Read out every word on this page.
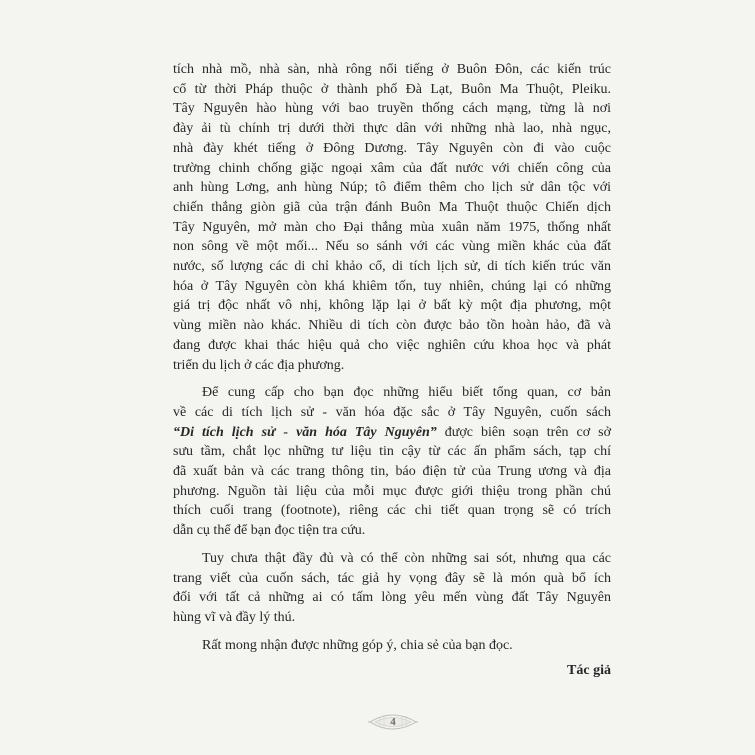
tích nhà mồ, nhà sàn, nhà rông nổi tiếng ở Buôn Đôn, các kiến trúc
cổ từ thời Pháp thuộc ở thành phố Đà Lạt, Buôn Ma Thuột, Pleiku.
Tây Nguyên hào hùng với bao truyền thống cách mạng, từng là nơi
đày ải tù chính trị dưới thời thực dân với những nhà lao, nhà ngục,
nhà đày khét tiếng ở Đông Dương. Tây Nguyên còn đi vào cuộc
trường chinh chống giặc ngoại xâm của đất nước với chiến công của
anh hùng Lơng, anh hùng Núp; tô điểm thêm cho lịch sử dân tộc với
chiến thắng giòn giã của trận đánh Buôn Ma Thuột thuộc Chiến dịch
Tây Nguyên, mở màn cho Đại thắng mùa xuân năm 1975, thống nhất
non sông về một mối... Nếu so sánh với các vùng miền khác của đất
nước, số lượng các di chỉ khảo cổ, di tích lịch sử, di tích kiến trúc văn
hóa ở Tây Nguyên còn khá khiêm tốn, tuy nhiên, chúng lại có những
giá trị độc nhất vô nhị, không lặp lại ở bất kỳ một địa phương, một
vùng miền nào khác. Nhiều di tích còn được bảo tồn hoàn hảo, đã và
đang được khai thác hiệu quả cho việc nghiên cứu khoa học và phát
triển du lịch ở các địa phương.
Để cung cấp cho bạn đọc những hiểu biết tổng quan, cơ bản
về các di tích lịch sử - văn hóa đặc sắc ở Tây Nguyên, cuốn sách
“Di tích lịch sử - văn hóa Tây Nguyên” được biên soạn trên cơ sở
sưu tầm, chắt lọc những tư liệu tin cậy từ các ấn phẩm sách, tạp chí
đã xuất bản và các trang thông tin, báo điện tử của Trung ương và địa
phương. Nguồn tài liệu của mỗi mục được giới thiệu trong phần chú
thích cuối trang (footnote), riêng các chi tiết quan trọng sẽ có trích
dẫn cụ thể để bạn đọc tiện tra cứu.
Tuy chưa thật đầy đủ và có thể còn những sai sót, nhưng qua các
trang viết của cuốn sách, tác giả hy vọng đây sẽ là món quà bổ ích
đối với tất cả những ai có tấm lòng yêu mến vùng đất Tây Nguyên
hùng vĩ và đầy lý thú.
Rất mong nhận được những góp ý, chia sẻ của bạn đọc.
Tác giả
4
